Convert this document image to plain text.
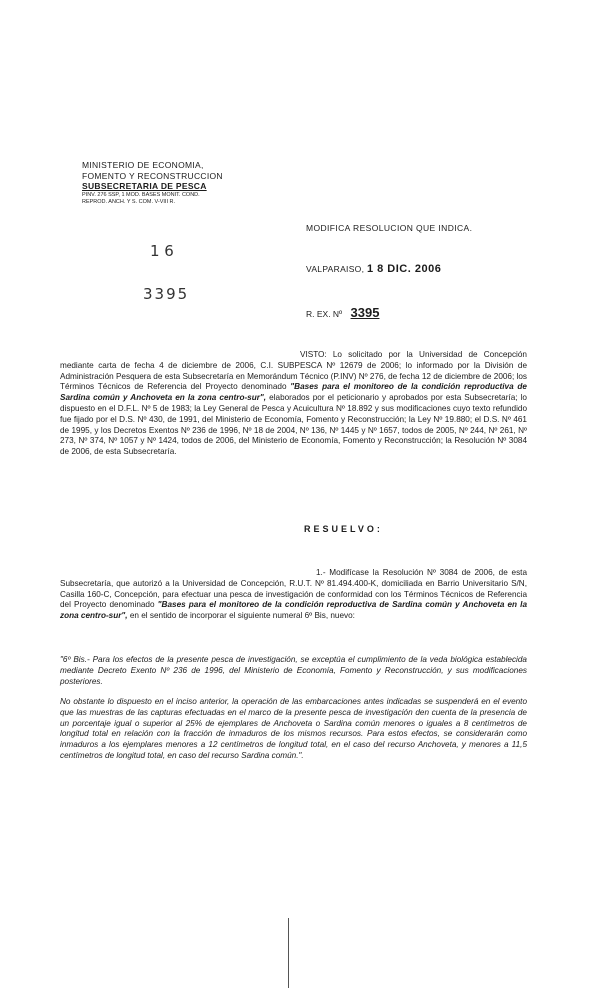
MINISTERIO DE ECONOMIA,
FOMENTO Y RECONSTRUCCION
SUBSECRETARIA DE PESCA
PINV. 276 SSP, 1 MOD. BASES MONIT. COND.
REPROD. ANCH. Y S. COM. V-VIII R.
1 6
3395
MODIFICA RESOLUCION QUE INDICA.
VALPARAISO, 1 8 DIC. 2006
R. EX. Nº 3395
VISTO: Lo solicitado por la Universidad de Concepción mediante carta de fecha 4 de diciembre de 2006, C.I. SUBPESCA Nº 12679 de 2006; lo informado por la División de Administración Pesquera de esta Subsecretaría en Memorándum Técnico (P.INV) Nº 276, de fecha 12 de diciembre de 2006; los Términos Técnicos de Referencia del Proyecto denominado "Bases para el monitoreo de la condición reproductiva de Sardina común y Anchoveta en la zona centro-sur", elaborados por el peticionario y aprobados por esta Subsecretaría; lo dispuesto en el D.F.L. Nº 5 de 1983; la Ley General de Pesca y Acuicultura Nº 18.892 y sus modificaciones cuyo texto refundido fue fijado por el D.S. Nº 430, de 1991, del Ministerio de Economía, Fomento y Reconstrucción; la Ley Nº 19.880; el D.S. Nº 461 de 1995, y los Decretos Exentos Nº 236 de 1996, Nº 18 de 2004, Nº 136, Nº 1445 y Nº 1657, todos de 2005, Nº 244, Nº 261, Nº 273, Nº 374, Nº 1057 y Nº 1424, todos de 2006, del Ministerio de Economía, Fomento y Reconstrucción; la Resolución Nº 3084 de 2006, de esta Subsecretaría.
RESUELVO:
1.- Modifícase la Resolución Nº 3084 de 2006, de esta Subsecretaría, que autorizó a la Universidad de Concepción, R.U.T. Nº 81.494.400-K, domiciliada en Barrio Universitario S/N, Casilla 160-C, Concepción, para efectuar una pesca de investigación de conformidad con los Términos Técnicos de Referencia del Proyecto denominado "Bases para el monitoreo de la condición reproductiva de Sardina común y Anchoveta en la zona centro-sur", en el sentido de incorporar el siguiente numeral 6º Bis, nuevo:
"6º Bis.- Para los efectos de la presente pesca de investigación, se exceptúa el cumplimiento de la veda biológica establecida mediante Decreto Exento Nº 236 de 1996, del Ministerio de Economía, Fomento y Reconstrucción, y sus modificaciones posteriores.
No obstante lo dispuesto en el inciso anterior, la operación de las embarcaciones antes indicadas se suspenderá en el evento que las muestras de las capturas efectuadas en el marco de la presente pesca de investigación den cuenta de la presencia de un porcentaje igual o superior al 25% de ejemplares de Anchoveta o Sardina común menores o iguales a 8 centímetros de longitud total en relación con la fracción de inmaduros de los mismos recursos. Para estos efectos, se considerarán como inmaduros a los ejemplares menores a 12 centímetros de longitud total, en el caso del recurso Anchoveta, y menores a 11,5 centímetros de longitud total, en caso del recurso Sardina común.".
